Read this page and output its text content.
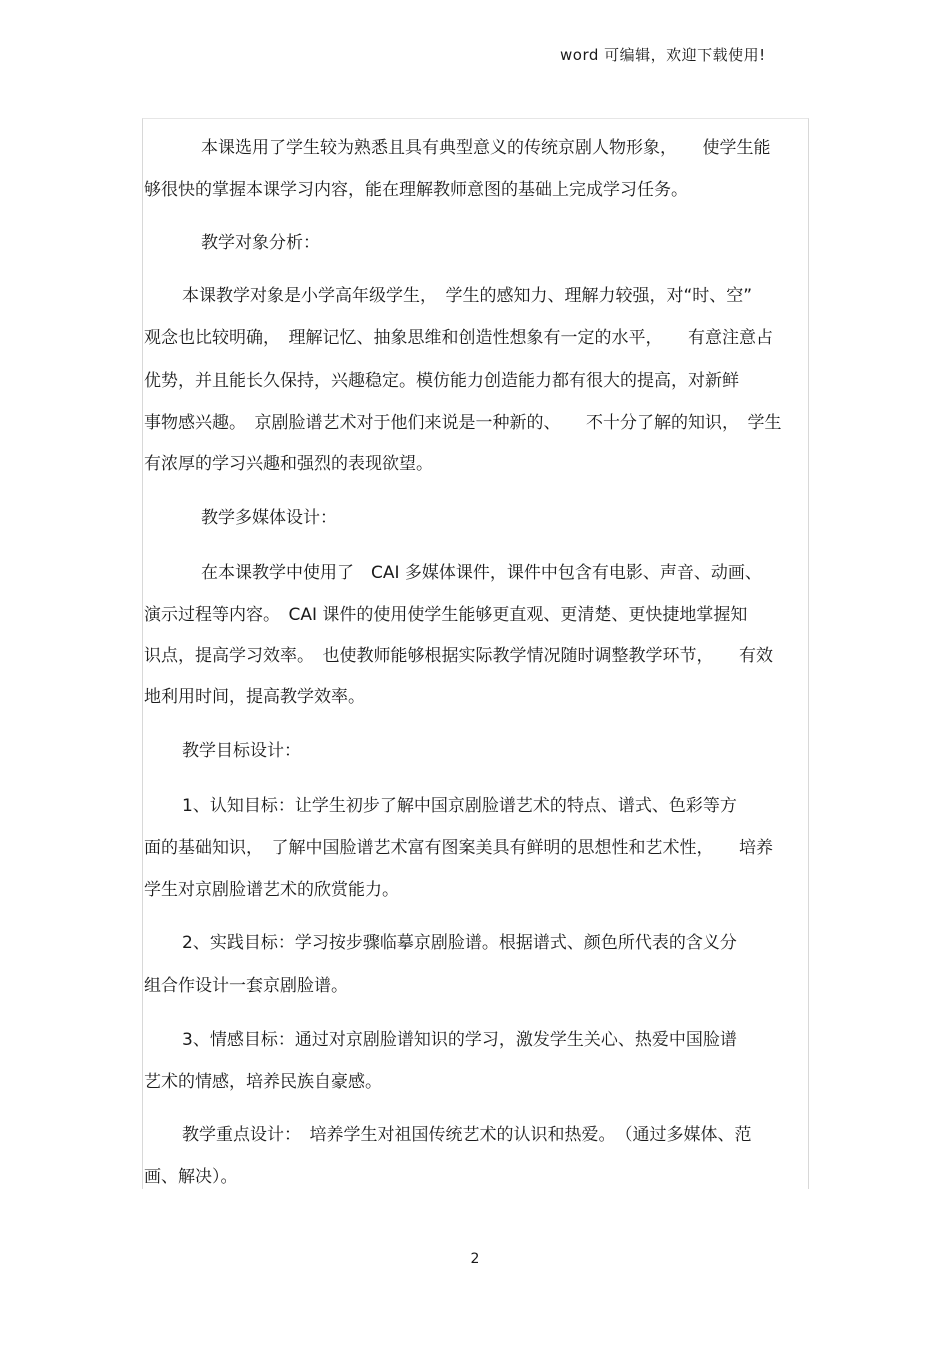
word 可编辑，欢迎下载使用!
本课选用了学生较为熟悉且具有典型意义的传统京剧人物形象，　　使学生能
够很快的掌握本课学习内容，能在理解教师意图的基础上完成学习任务。
教学对象分析：
本课教学对象是小学高年级学生，　学生的感知力、理解力较强，对“时、空”
观念也比较明确，　理解记忆、抽象思维和创造性想象有一定的水平，　　有意注意占
优势，并且能长久保持，兴趣稳定。模仿能力创造能力都有很大的提高，对新鲜
事物感兴趣。　京剧脸谱艺术对于他们来说是一种新的、　　不十分了解的知识，　学生
有浓厚的学习兴趣和强烈的表现欲望。
教学多媒体设计：
在本课教学中使用了　CAI 多媒体课件，课件中包含有电影、声音、动画、
演示过程等内容。　CAI 课件的使用使学生能够更直观、更清楚、更快捷地掌握知
识点，提高学习效率。　也使教师能够根据实际教学情况随时调整教学环节，　　有效
地利用时间，提高教学效率。
教学目标设计：
1、认知目标：让学生初步了解中国京剧脸谱艺术的特点、谱式、色彩等方
面的基础知识，　了解中国脸谱艺术富有图案美具有鲜明的思想性和艺术性，　　培养
学生对京剧脸谱艺术的欣赏能力。
2、实践目标：学习按步骤临摹京剧脸谱。根据谱式、颜色所代表的含义分
组合作设计一套京剧脸谱。
3、情感目标：通过对京剧脸谱知识的学习，激发学生关心、热爱中国脸谱
艺术的情感，培养民族自豪感。
教学重点设计：　培养学生对祖国传统艺术的认识和热爱。　（通过多媒体、范
画、解决）。
2
